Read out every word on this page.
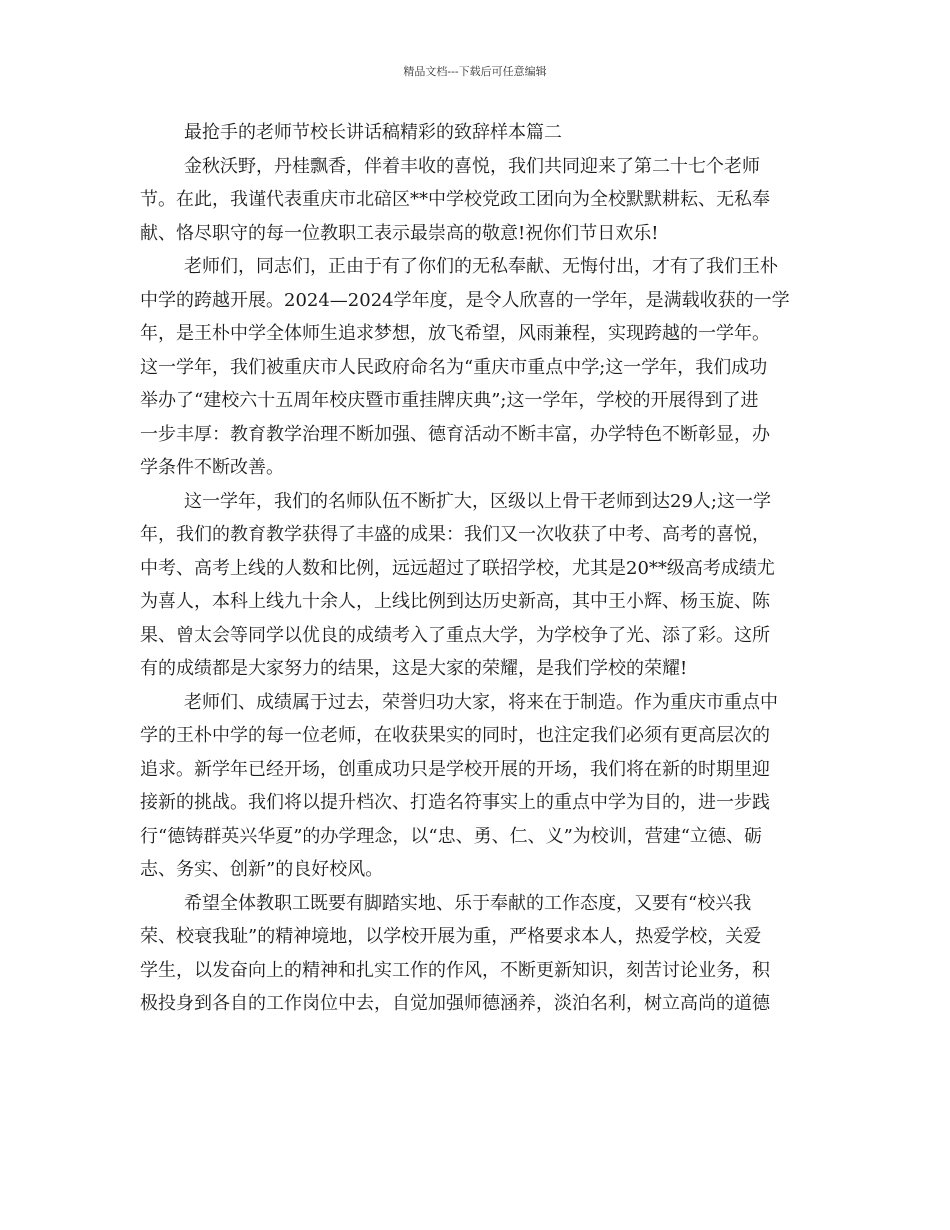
精品文档---下载后可任意编辑
最抢手的老师节校长讲话稿精彩的致辞样本篇二
金秋沃野，丹桂飘香，伴着丰收的喜悦，我们共同迎来了第二十七个老师
节。在此，我谨代表重庆市北碚区**中学校党政工团向为全校默默耕耘、无私奉
献、恪尽职守的每一位教职工表示最崇高的敬意!祝你们节日欢乐!
老师们，同志们，正由于有了你们的无私奉献、无悔付出，才有了我们王朴
中学的跨越开展。2024—2024学年度，是令人欣喜的一学年，是满载收获的一学
年，是王朴中学全体师生追求梦想，放飞希望，风雨兼程，实现跨越的一学年。
这一学年，我们被重庆市人民政府命名为“重庆市重点中学;这一学年，我们成功
举办了“建校六十五周年校庆暨市重挂牌庆典”;这一学年，学校的开展得到了进
一步丰厚：教育教学治理不断加强、德育活动不断丰富，办学特色不断彰显，办
学条件不断改善。
这一学年，我们的名师队伍不断扩大，区级以上骨干老师到达29人;这一学
年，我们的教育教学获得了丰盛的成果：我们又一次收获了中考、高考的喜悦，
中考、高考上线的人数和比例，远远超过了联招学校，尤其是20**级高考成绩尤
为喜人，本科上线九十余人，上线比例到达历史新高，其中王小辉、杨玉旋、陈
果、曾太会等同学以优良的成绩考入了重点大学，为学校争了光、添了彩。这所
有的成绩都是大家努力的结果，这是大家的荣耀，是我们学校的荣耀!
老师们、成绩属于过去，荣誉归功大家，将来在于制造。作为重庆市重点中
学的王朴中学的每一位老师，在收获果实的同时，也注定我们必须有更高层次的
追求。新学年已经开场，创重成功只是学校开展的开场，我们将在新的时期里迎
接新的挑战。我们将以提升档次、打造名符事实上的重点中学为目的，进一步践
行“德铸群英兴华夏”的办学理念，以“忠、勇、仁、义”为校训，营建“立德、砺
志、务实、创新”的良好校风。
希望全体教职工既要有脚踏实地、乐于奉献的工作态度，又要有“校兴我
荣、校衰我耻”的精神境地，以学校开展为重，严格要求本人，热爱学校，关爱
学生，以发奋向上的精神和扎实工作的作风，不断更新知识，刻苦讨论业务，积
极投身到各自的工作岗位中去，自觉加强师德涵养，淡泊名利，树立高尚的道德
